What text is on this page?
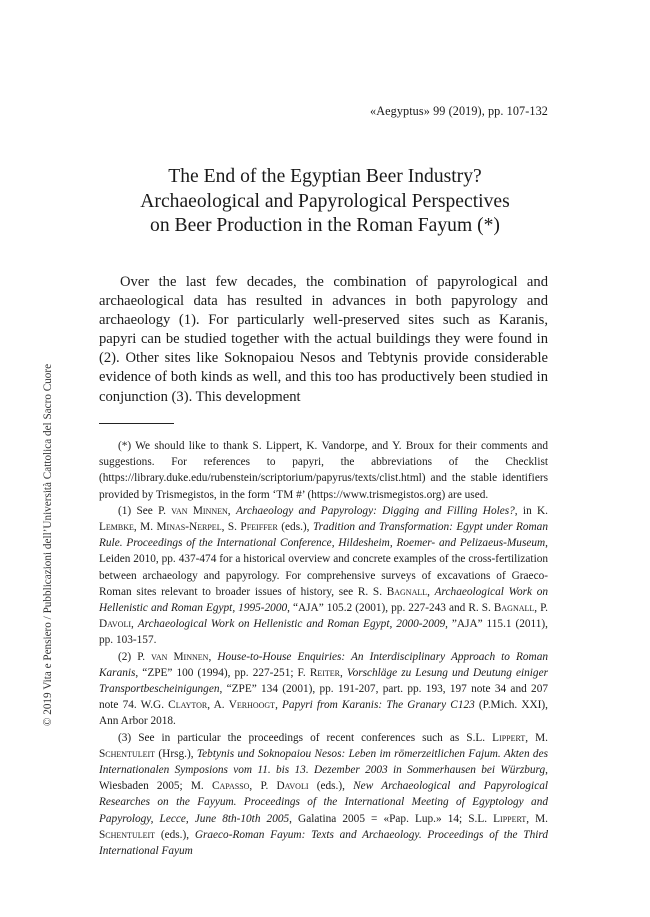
«Aegyptus» 99 (2019), pp. 107-132
The End of the Egyptian Beer Industry?
Archaeological and Papyrological Perspectives
on Beer Production in the Roman Fayum (*)

Over the last few decades, the combination of papyrological and archaeological data has resulted in advances in both papyrology and archaeology (1). For particularly well-preserved sites such as Karanis, papyri can be studied together with the actual buildings they were found in (2). Other sites like Soknopaiou Nesos and Tebtynis provide considerable evidence of both kinds as well, and this too has productively been studied in conjunction (3). This development

(*) We should like to thank S. Lippert, K. Vandorpe, and Y. Broux for their comments and suggestions. For references to papyri, the abbreviations of the Checklist (https://library.duke.edu/rubenstein/scriptorium/papyrus/texts/clist.html) and the stable identifiers provided by Trismegistos, in the form ‘TM #’ (https://www.trismegistos.org) are used.

(1) See P. van Minnen, Archaeology and Papyrology: Digging and Filling Holes?, in K. Lembke, M. Minas-Nerpel, S. Pfeiffer (eds.), Tradition and Transformation: Egypt under Roman Rule. Proceedings of the International Conference, Hildesheim, Roemer- and Pelizaeus-Museum, Leiden 2010, pp. 437-474 for a historical overview and concrete examples of the cross-fertilization between archaeology and papyrology. For comprehensive surveys of excavations of Graeco-Roman sites relevant to broader issues of history, see R. S. Bagnall, Archaeological Work on Hellenistic and Roman Egypt, 1995-2000, “AJA” 105.2 (2001), pp. 227-243 and R. S. Bagnall, P. Davoli, Archaeological Work on Hellenistic and Roman Egypt, 2000-2009, ”AJA” 115.1 (2011), pp. 103-157.

(2) P. van Minnen, House-to-House Enquiries: An Interdisciplinary Approach to Roman Karanis, “ZPE” 100 (1994), pp. 227-251; F. Reiter, Vorschläge zu Lesung und Deutung einiger Transportbescheinigungen, “ZPE” 134 (2001), pp. 191-207, part. pp. 193, 197 note 34 and 207 note 74. W.G. Claytor, A. Verhoogt, Papyri from Karanis: The Granary C123 (P.Mich. XXI), Ann Arbor 2018.

(3) See in particular the proceedings of recent conferences such as S.L. Lippert, M. Schentuleit (Hrsg.), Tebtynis und Soknopaiou Nesos: Leben im römerzeitlichen Fajum. Akten des Internationalen Symposions vom 11. bis 13. Dezember 2003 in Sommerhausen bei Würzburg, Wiesbaden 2005; M. Capasso, P. Davoli (eds.), New Archaeological and Papyrological Researches on the Fayyum. Proceedings of the International Meeting of Egyptology and Papyrology, Lecce, June 8th-10th 2005, Galatina 2005 = «Pap. Lup.» 14; S.L. Lippert, M. Schentuleit (eds.), Graeco-Roman Fayum: Texts and Archaeology. Proceedings of the Third International Fayum

© 2019 Vita e Pensiero / Pubblicazioni dell’Università Cattolica del Sacro Cuore
